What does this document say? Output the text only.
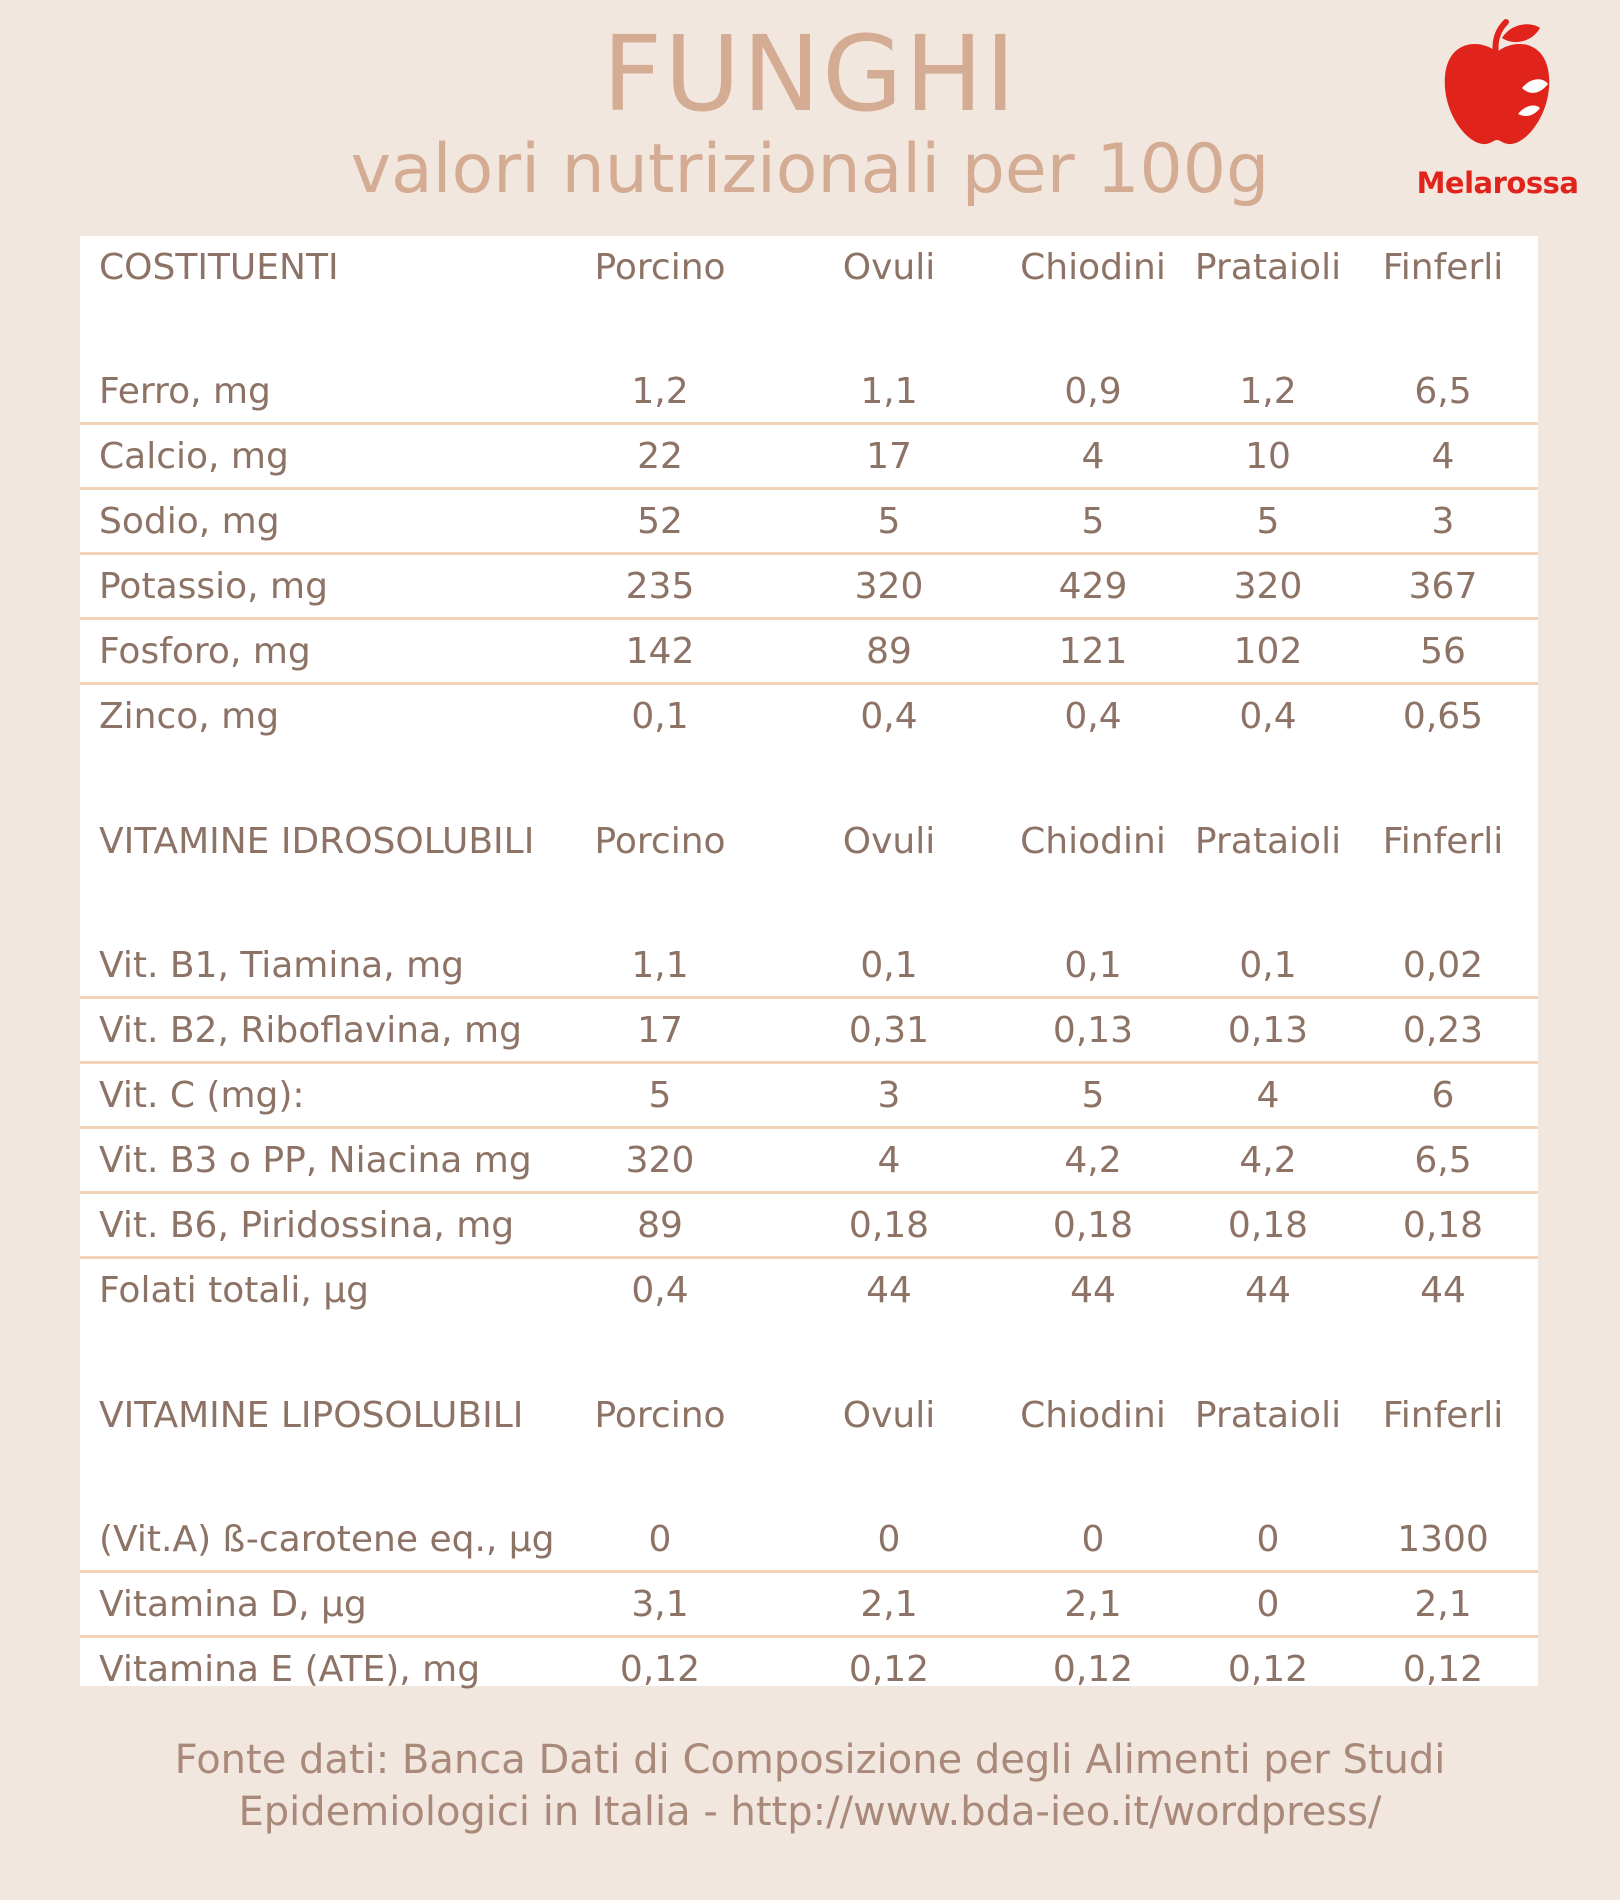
FUNGHI
valori nutrizionali per 100g	Melarossa
COSTITUENTI	Porcino	Ovuli	Chiodini	Prataioli	Finferli

Ferro, mg	1,2	1,1	0,9	1,2	6,5
Calcio, mg	22	17	4	10	4
Sodio, mg	52	5	5	5	3
Potassio, mg	235	320	429	320	367
Fosforo, mg	142	89	121	102	56
Zinco, mg	0,1	0,4	0,4	0,4	0,65

VITAMINE IDROSOLUBILI	Porcino	Ovuli	Chiodini	Prataioli	Finferli

Vit. B1, Tiamina, mg	1,1	0,1	0,1	0,1	0,02
Vit. B2, Riboflavina, mg	17	0,31	0,13	0,13	0,23
Vit. C (mg):	5	3	5	4	6
Vit. B3 o PP, Niacina mg	320	4	4,2	4,2	6,5
Vit. B6, Piridossina, mg	89	0,18	0,18	0,18	0,18
Folati totali, µg	0,4	44	44	44	44

VITAMINE LIPOSOLUBILI	Porcino	Ovuli	Chiodini	Prataioli	Finferli

(Vit.A) ß-carotene eq., µg	0	0	0	0	1300
Vitamina D, µg	3,1	2,1	2,1	0	2,1
Vitamina E (ATE), mg	0,12	0,12	0,12	0,12	0,12
Fonte dati: Banca Dati di Composizione degli Alimenti per Studi
Epidemiologici in Italia - http://www.bda-ieo.it/wordpress/
